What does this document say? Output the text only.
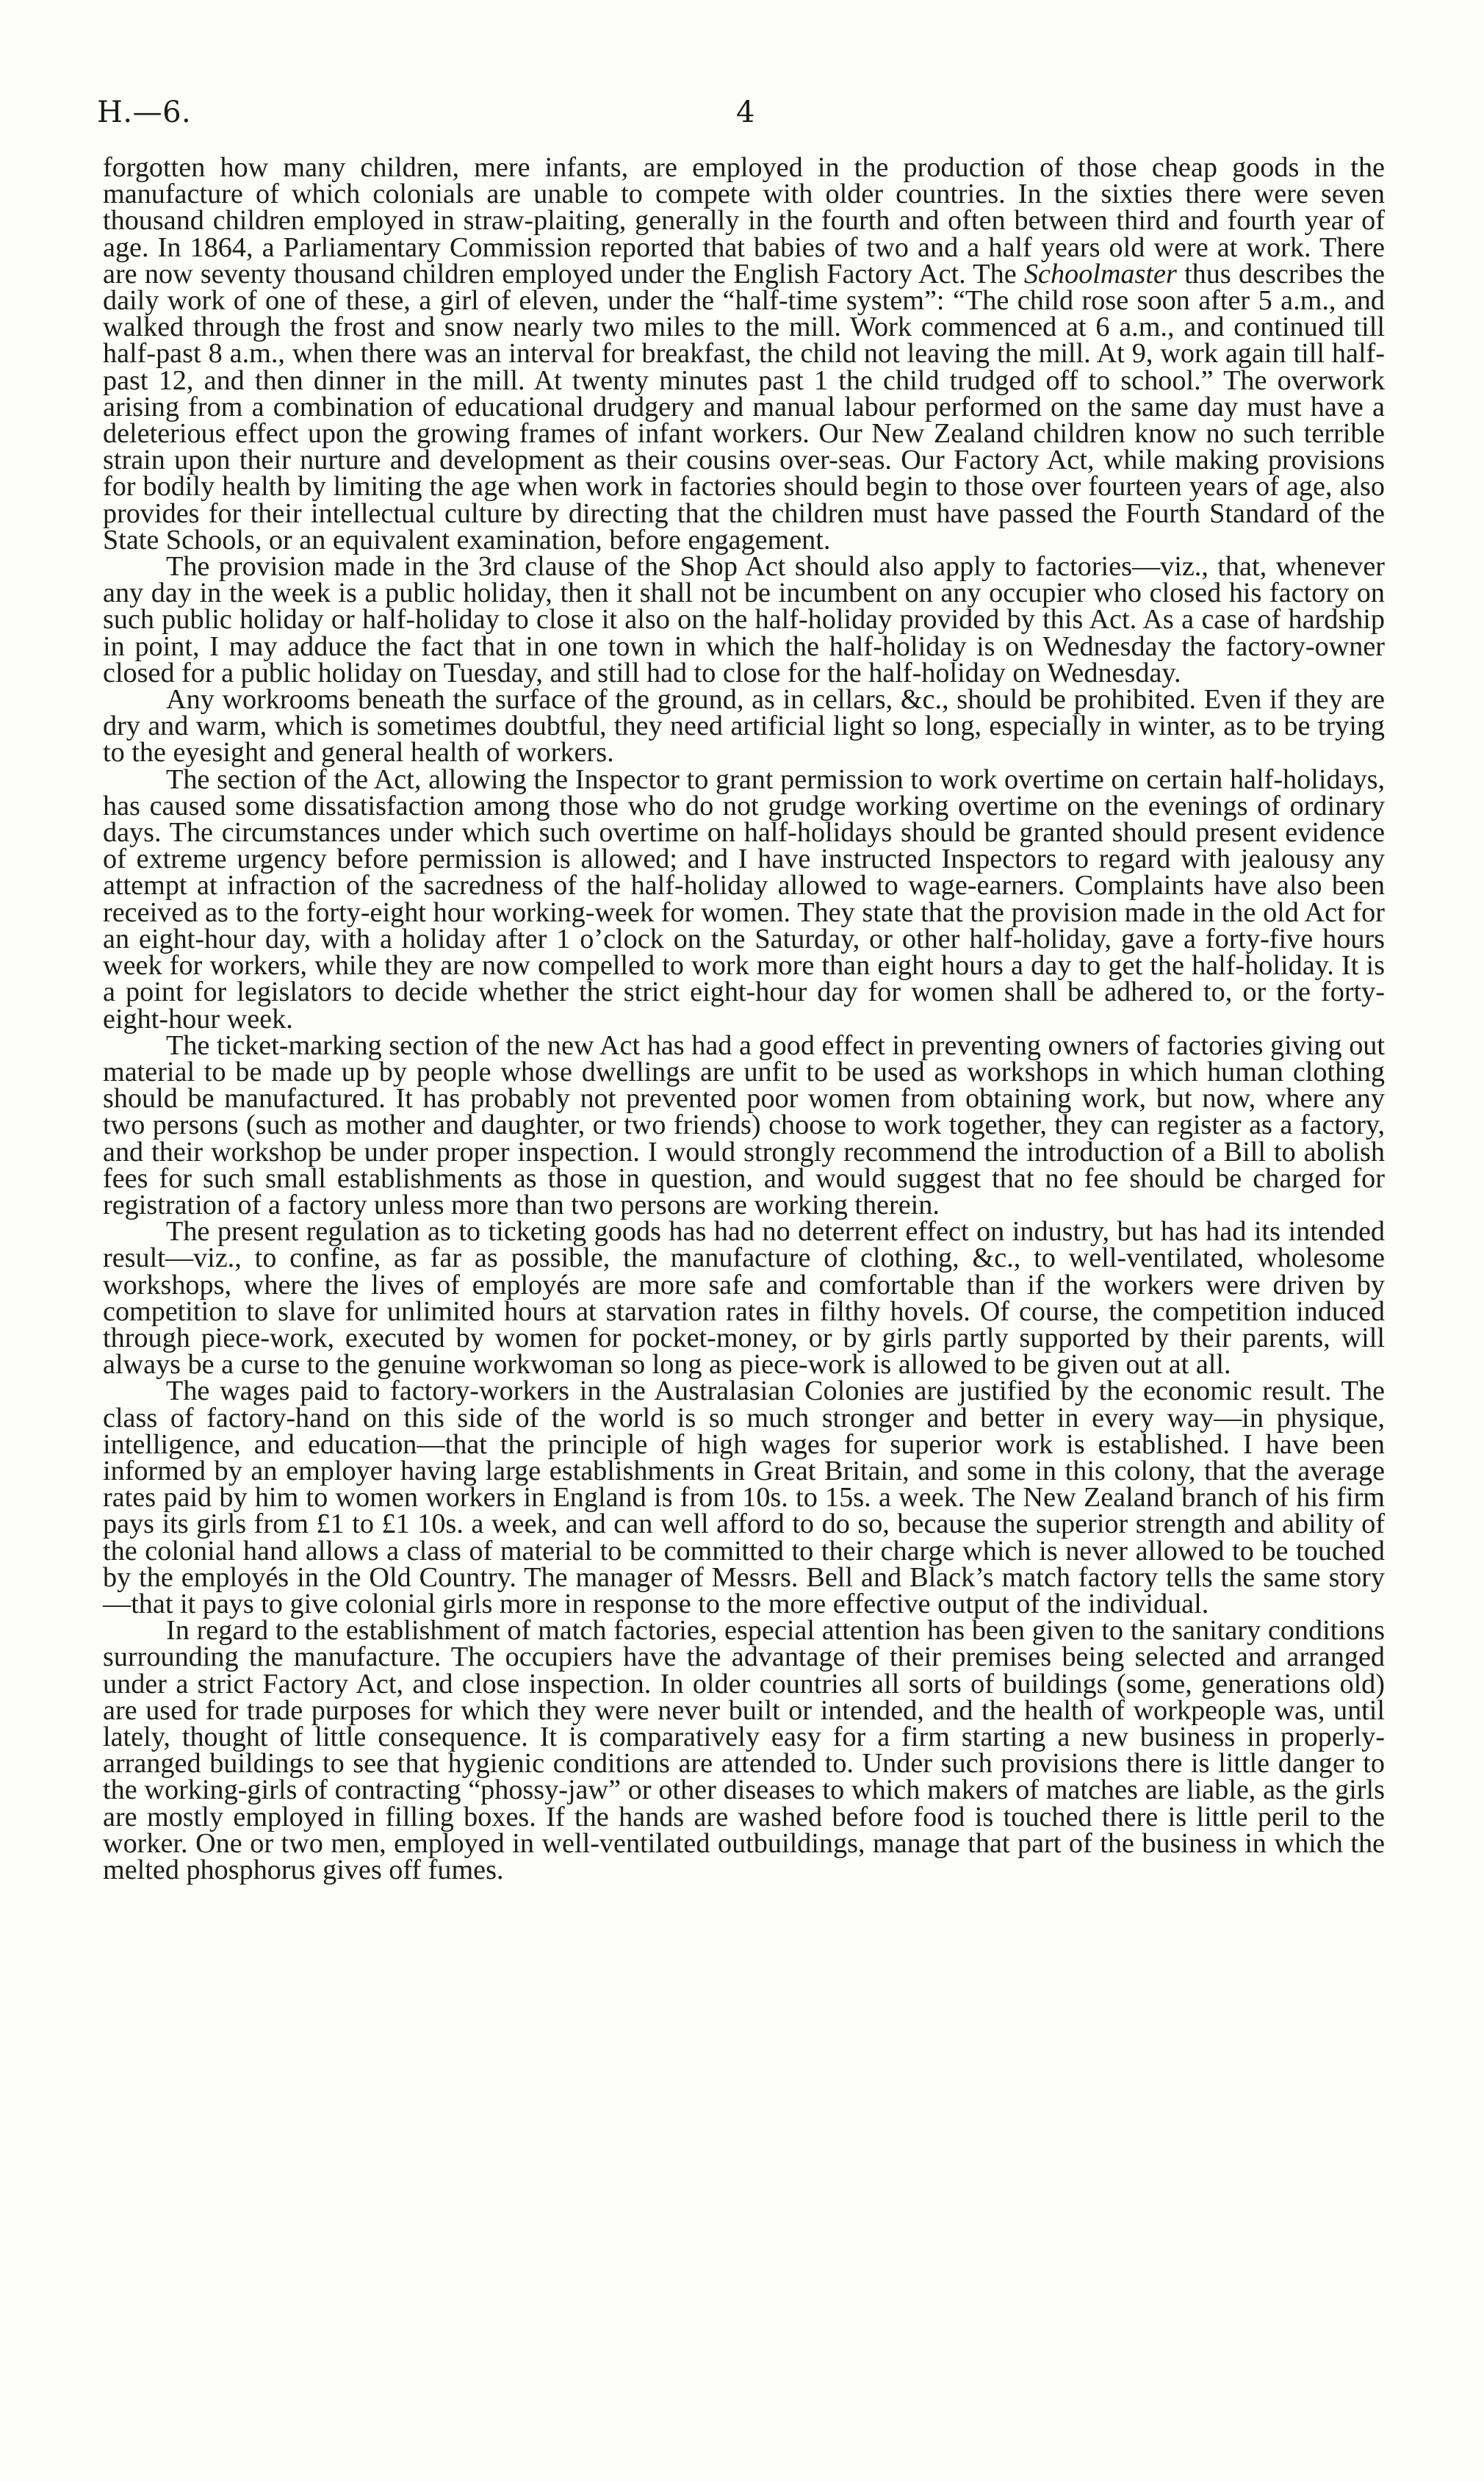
H.—6.	4

forgotten how many children, mere infants, are employed in the production of those cheap goods in the manufacture of which colonials are unable to compete with older countries. In the sixties there were seven thousand children employed in straw-plaiting, generally in the fourth and often between third and fourth year of age. In 1864, a Parliamentary Commission reported that babies of two and a half years old were at work. There are now seventy thousand children employed under the English Factory Act. The Schoolmaster thus describes the daily work of one of these, a girl of eleven, under the “half-time system”: “The child rose soon after 5 a.m., and walked through the frost and snow nearly two miles to the mill. Work commenced at 6 a.m., and continued till half-past 8 a.m., when there was an interval for breakfast, the child not leaving the mill. At 9, work again till half-past 12, and then dinner in the mill. At twenty minutes past 1 the child trudged off to school.” The overwork arising from a combination of educational drudgery and manual labour performed on the same day must have a deleterious effect upon the growing frames of infant workers. Our New Zealand children know no such terrible strain upon their nurture and development as their cousins over-seas. Our Factory Act, while making provisions for bodily health by limiting the age when work in factories should begin to those over fourteen years of age, also provides for their intellectual culture by directing that the children must have passed the Fourth Standard of the State Schools, or an equivalent examination, before engagement.

The provision made in the 3rd clause of the Shop Act should also apply to factories—viz., that, whenever any day in the week is a public holiday, then it shall not be incumbent on any occupier who closed his factory on such public holiday or half-holiday to close it also on the half-holiday provided by this Act. As a case of hardship in point, I may adduce the fact that in one town in which the half-holiday is on Wednesday the factory-owner closed for a public holiday on Tuesday, and still had to close for the half-holiday on Wednesday.

Any workrooms beneath the surface of the ground, as in cellars, &c., should be prohibited. Even if they are dry and warm, which is sometimes doubtful, they need artificial light so long, especially in winter, as to be trying to the eyesight and general health of workers.

The section of the Act, allowing the Inspector to grant permission to work overtime on certain half-holidays, has caused some dissatisfaction among those who do not grudge working overtime on the evenings of ordinary days. The circumstances under which such overtime on half-holidays should be granted should present evidence of extreme urgency before permission is allowed; and I have instructed Inspectors to regard with jealousy any attempt at infraction of the sacredness of the half-holiday allowed to wage-earners. Complaints have also been received as to the forty-eight hour working-week for women. They state that the provision made in the old Act for an eight-hour day, with a holiday after 1 o’clock on the Saturday, or other half-holiday, gave a forty-five hours week for workers, while they are now compelled to work more than eight hours a day to get the half-holiday. It is a point for legislators to decide whether the strict eight-hour day for women shall be adhered to, or the forty-eight-hour week.

The ticket-marking section of the new Act has had a good effect in preventing owners of factories giving out material to be made up by people whose dwellings are unfit to be used as workshops in which human clothing should be manufactured. It has probably not prevented poor women from obtaining work, but now, where any two persons (such as mother and daughter, or two friends) choose to work together, they can register as a factory, and their workshop be under proper inspection. I would strongly recommend the introduction of a Bill to abolish fees for such small establishments as those in question, and would suggest that no fee should be charged for registration of a factory unless more than two persons are working therein.

The present regulation as to ticketing goods has had no deterrent effect on industry, but has had its intended result—viz., to confine, as far as possible, the manufacture of clothing, &c., to well-ventilated, wholesome workshops, where the lives of employés are more safe and comfortable than if the workers were driven by competition to slave for unlimited hours at starvation rates in filthy hovels. Of course, the competition induced through piece-work, executed by women for pocket-money, or by girls partly supported by their parents, will always be a curse to the genuine workwoman so long as piece-work is allowed to be given out at all.

The wages paid to factory-workers in the Australasian Colonies are justified by the economic result. The class of factory-hand on this side of the world is so much stronger and better in every way—in physique, intelligence, and education—that the principle of high wages for superior work is established. I have been informed by an employer having large establishments in Great Britain, and some in this colony, that the average rates paid by him to women workers in England is from 10s. to 15s. a week. The New Zealand branch of his firm pays its girls from £1 to £1 10s. a week, and can well afford to do so, because the superior strength and ability of the colonial hand allows a class of material to be committed to their charge which is never allowed to be touched by the employés in the Old Country. The manager of Messrs. Bell and Black’s match factory tells the same story—that it pays to give colonial girls more in response to the more effective output of the individual.

In regard to the establishment of match factories, especial attention has been given to the sanitary conditions surrounding the manufacture. The occupiers have the advantage of their premises being selected and arranged under a strict Factory Act, and close inspection. In older countries all sorts of buildings (some, generations old) are used for trade purposes for which they were never built or intended, and the health of workpeople was, until lately, thought of little consequence. It is comparatively easy for a firm starting a new business in properly-arranged buildings to see that hygienic conditions are attended to. Under such provisions there is little danger to the working-girls of contracting “phossy-jaw” or other diseases to which makers of matches are liable, as the girls are mostly employed in filling boxes. If the hands are washed before food is touched there is little peril to the worker. One or two men, employed in well-ventilated outbuildings, manage that part of the business in which the melted phosphorus gives off fumes.
